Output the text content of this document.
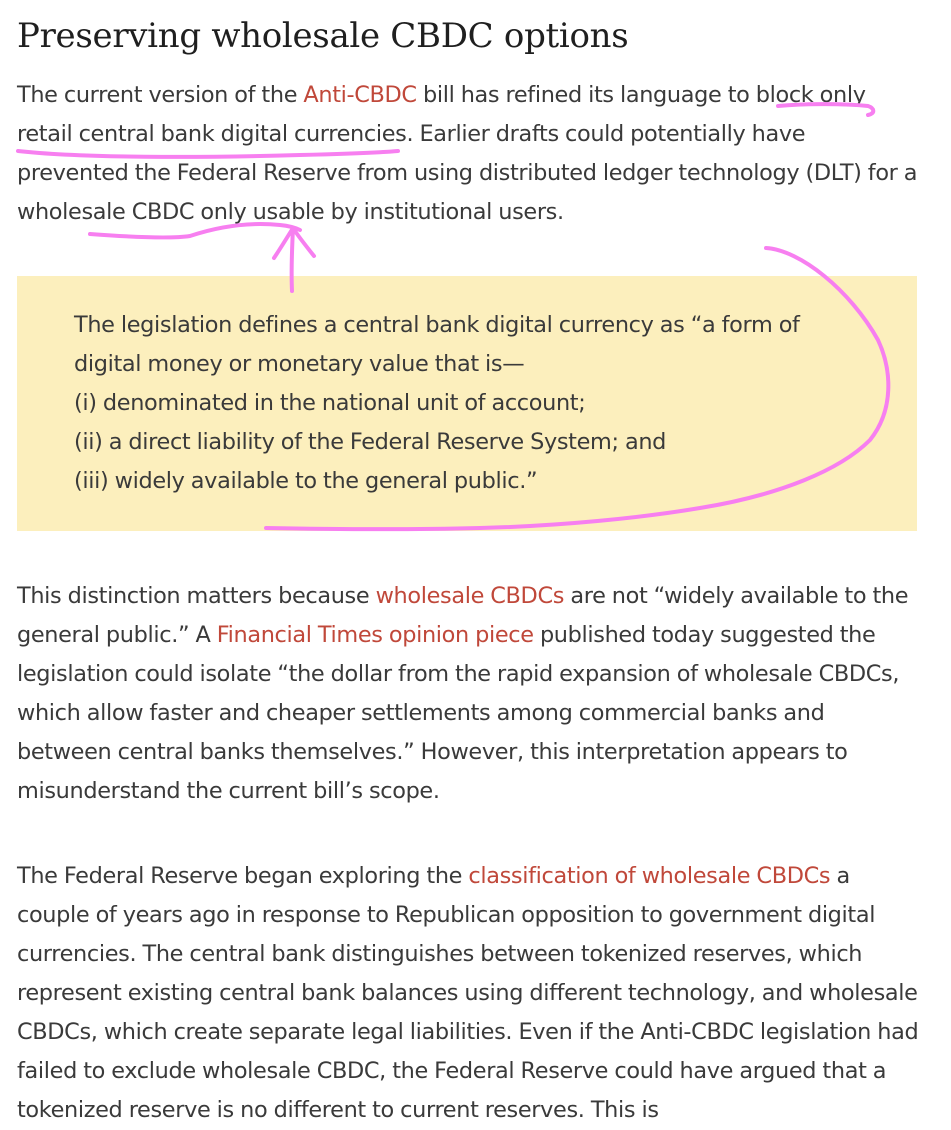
Preserving wholesale CBDC options

The current version of the Anti-CBDC bill has refined its language to block only retail central bank digital currencies. Earlier drafts could potentially have prevented the Federal Reserve from using distributed ledger technology (DLT) for a wholesale CBDC only usable by institutional users.

The legislation defines a central bank digital currency as “a form of
digital money or monetary value that is—
(i) denominated in the national unit of account;
(ii) a direct liability of the Federal Reserve System; and
(iii) widely available to the general public.”

This distinction matters because wholesale CBDCs are not “widely available to the general public.” A Financial Times opinion piece published today suggested the legislation could isolate “the dollar from the rapid expansion of wholesale CBDCs, which allow faster and cheaper settlements among commercial banks and between central banks themselves.” However, this interpretation appears to misunderstand the current bill’s scope.

The Federal Reserve began exploring the classification of wholesale CBDCs a couple of years ago in response to Republican opposition to government digital currencies. The central bank distinguishes between tokenized reserves, which represent existing central bank balances using different technology, and wholesale CBDCs, which create separate legal liabilities. Even if the Anti-CBDC legislation had failed to exclude wholesale CBDC, the Federal Reserve could have argued that a tokenized reserve is no different to current reserves. This is
